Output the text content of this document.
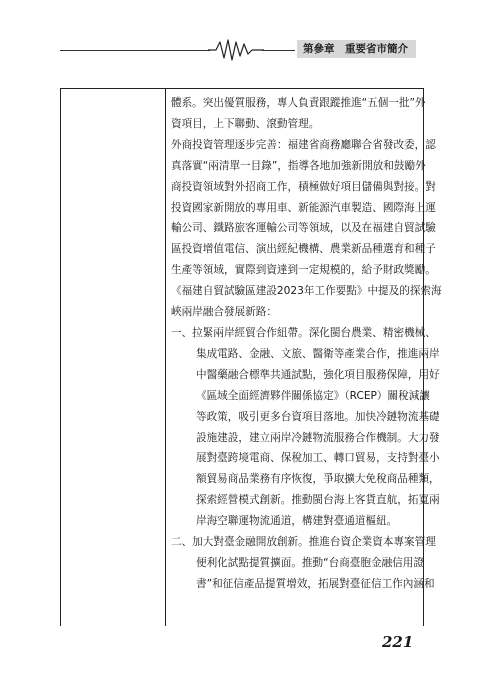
第參章　重要省市簡介
體系。突出優質服務，專人負責跟蹤推進“五個一批”外
資項目，上下聯動、滾動管理。
外商投資管理逐步完善：福建省商務廳聯合省發改委，認
真落實“兩清單一目錄”，指導各地加強新開放和鼓勵外
商投資領域對外招商工作，積極做好項目儲備與對接。對
投資國家新開放的專用車、新能源汽車製造、國際海上運
輸公司、鐵路旅客運輸公司等領域，以及在福建自貿試驗
區投資增值電信、演出經紀機構、農業新品種選育和種子
生產等領域，實際到資達到一定規模的，給予財政獎勵。
《福建自貿試驗區建設2023年工作要點》中提及的探索海
峽兩岸融合發展新路：
一、拉緊兩岸經貿合作紐帶。深化閩台農業、精密機械、
集成電路、金融、文旅、醫衛等產業合作，推進兩岸
中醫藥融合標準共通試點，強化項目服務保障，用好
《區域全面經濟夥伴關係協定》（RCEP）關稅減讓
等政策，吸引更多台資項目落地。加快冷鏈物流基礎
設施建設，建立兩岸冷鏈物流服務合作機制。大力發
展對臺跨境電商、保稅加工、轉口貿易，支持對臺小
額貿易商品業務有序恢復，爭取擴大免稅商品種類，
探索經營模式創新。推動閩台海上客貨直航，拓寬兩
岸海空聯運物流通道，構建對臺通道樞紐。
二、加大對臺金融開放創新。推進台資企業資本專案管理
便利化試點提質擴面。推動“台商臺胞金融信用證
書”和征信產品提質增效，拓展對臺征信工作內涵和
221
